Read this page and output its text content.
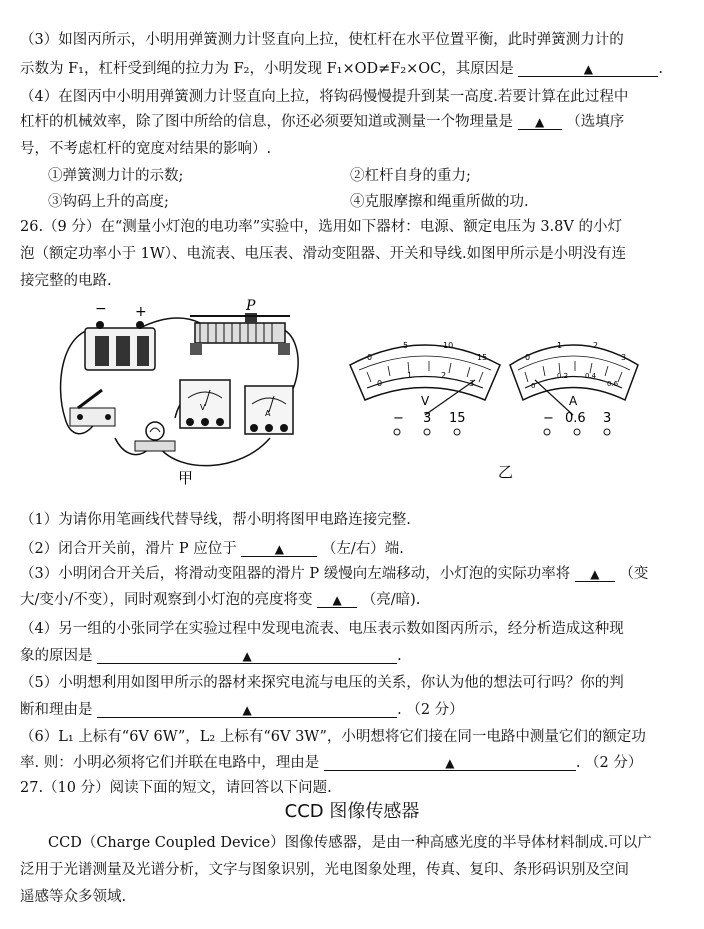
（3）如图丙所示，小明用弹簧测力计竖直向上拉，使杠杆在水平位置平衡，此时弹簧测力计的
示数为 F₁，杠杆受到绳的拉力为 F₂，小明发现 F₁×OD≠F₂×OC，其原因是	▲	.
（4）在图丙中小明用弹簧测力计竖直向上拉，将钩码慢慢提升到某一高度.若要计算在此过程中
杠杆的机械效率，除了图中所给的信息，你还必须要知道或测量一个物理量是 ▲ （选填序
号，不考虑杠杆的宽度对结果的影响）.
①弹簧测力计的示数;	②杠杆自身的重力;
③钩码上升的高度;	④克服摩擦和绳重所做的功.
26.（9 分）在“测量小灯泡的电功率”实验中，选用如下器材：电源、额定电压为 3.8V 的小灯
泡（额定功率小于 1W）、电流表、电压表、滑动变阻器、开关和导线.如图甲所示是小明没有连
接完整的电路.
− +	P
V
A
甲
0
5	10
15
0
1	2
3
V
− 3 15
0
1	2
3
0
0.2 0.4
0.6
A
− 0.6 3
乙
（1）为请你用笔画线代替导线，帮小明将图甲电路连接完整.
（2）闭合开关前，滑片 P 应位于	▲	（左/右）端.
（3）小明闭合开关后，将滑动变阻器的滑片 P 缓慢向左端移动，小灯泡的实际功率将 ▲ （变
大/变小/不变），同时观察到小灯泡的亮度将变 ▲ （亮/暗).
（4）另一组的小张同学在实验过程中发现电流表、电压表示数如图丙所示，经分析造成这种现
象的原因是	▲	.
（5）小明想利用如图甲所示的器材来探究电流与电压的关系，你认为他的想法可行吗？你的判
断和理由是	▲	. （2 分）
（6）L₁ 上标有“6V 6W”，L₂ 上标有“6V 3W”，小明想将它们接在同一电路中测量它们的额定功
率. 则：小明必须将它们并联在电路中，理由是	▲	. （2 分）
27.（10 分）阅读下面的短文，请回答以下问题.
CCD 图像传感器
CCD（Charge Coupled Device）图像传感器，是由一种高感光度的半导体材料制成.可以广
泛用于光谱测量及光谱分析，文字与图象识别，光电图象处理，传真、复印、条形码识别及空间
遥感等众多领域.
